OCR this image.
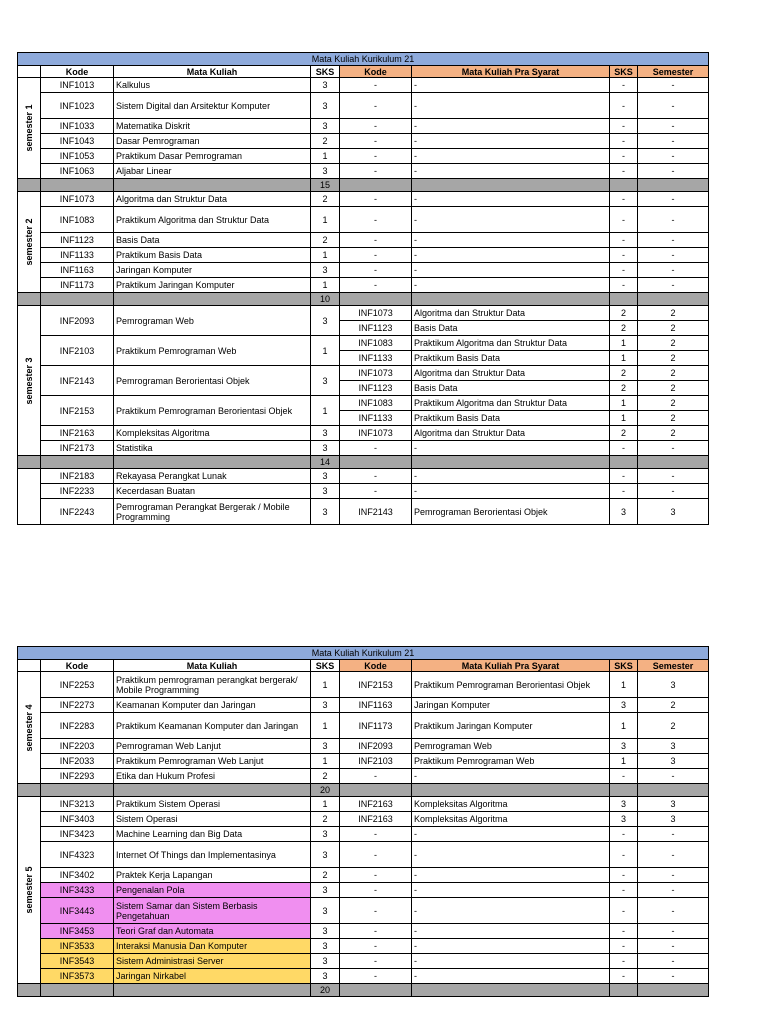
Mata Kuliah Kurikulum 21							
	Kode	Mata Kuliah	SKS	Kode	Mata Kuliah Pra Syarat	SKS	Semester

semester 1	INF1013	Kalkulus	3	-	-	-	-
	INF1023	Sistem Digital dan Arsitektur Komputer	3	-	-	-	-
	INF1033	Matematika Diskrit	3	-	-	-	-
	INF1043	Dasar Pemrograman	2	-	-	-	-
	INF1053	Praktikum Dasar Pemrograman	1	-	-	-	-
	INF1063	Aljabar Linear	3	-	-	-	-
			15				

semester 2	INF1073	Algoritma dan Struktur Data	2	-	-	-	-
	INF1083	Praktikum Algoritma dan Struktur Data	1	-	-	-	-
	INF1123	Basis Data	2	-	-	-	-
	INF1133	Praktikum Basis Data	1	-	-	-	-
	INF1163	Jaringan Komputer	3	-	-	-	-
	INF1173	Praktikum Jaringan Komputer	1	-	-	-	-
			10				

semester 3	INF2093	Pemrograman Web	3	INF1073	Algoritma dan Struktur Data	2	2
				INF1123	Basis Data	2	2
	INF2103	Praktikum Pemrograman Web	1	INF1083	Praktikum Algoritma dan Struktur Data	1	2
				INF1133	Praktikum Basis Data	1	2
	INF2143	Pemrograman Berorientasi Objek	3	INF1073	Algoritma dan Struktur Data	2	2
				INF1123	Basis Data	2	2
	INF2153	Praktikum Pemrograman Berorientasi Objek	1	INF1083	Praktikum Algoritma dan Struktur Data	1	2
				INF1133	Praktikum Basis Data	1	2
	INF2163	Kompleksitas Algoritma	3	INF1073	Algoritma dan Struktur Data	2	2
	INF2173	Statistika	3	-	-	-	-
			14				

	INF2183	Rekayasa Perangkat Lunak	3	-	-	-	-
	INF2233	Kecerdasan Buatan	3	-	-	-	-
	INF2243	Pemrograman Perangkat Bergerak / Mobile Programming	3	INF2143	Pemrograman Berorientasi Objek	3	3
Mata Kuliah Kurikulum 21							
	Kode	Mata Kuliah	SKS	Kode	Mata Kuliah Pra Syarat	SKS	Semester

semester 4	INF2253	Praktikum pemrograman perangkat bergerak/ Mobile Programming	1	INF2153	Praktikum Pemrograman Berorientasi Objek	1	3
	INF2273	Keamanan Komputer dan Jaringan	3	INF1163	Jaringan Komputer	3	2
	INF2283	Praktikum Keamanan Komputer dan Jaringan	1	INF1173	Praktikum Jaringan Komputer	1	2
	INF2203	Pemrograman Web Lanjut	3	INF2093	Pemrograman Web	3	3
	INF2033	Praktikum Pemrograman Web Lanjut	1	INF2103	Praktikum Pemrograman Web	1	3
	INF2293	Etika dan Hukum Profesi	2	-	-	-	-
			20				

semester 5	INF3213	Praktikum Sistem Operasi	1	INF2163	Kompleksitas Algoritma	3	3
	INF3403	Sistem Operasi	2	INF2163	Kompleksitas Algoritma	3	3
	INF3423	Machine Learning dan Big Data	3	-	-	-	-
	INF4323	Internet Of Things dan Implementasinya	3	-	-	-	-
	INF3402	Praktek Kerja Lapangan	2	-	-	-	-
	INF3433	Pengenalan Pola	3	-	-	-	-
	INF3443	Sistem Samar dan Sistem Berbasis Pengetahuan	3	-	-	-	-
	INF3453	Teori Graf dan Automata	3	-	-	-	-
	INF3533	Interaksi Manusia Dan Komputer	3	-	-	-	-
	INF3543	Sistem Administrasi Server	3	-	-	-	-
	INF3573	Jaringan Nirkabel	3	-	-	-	-
			20				
